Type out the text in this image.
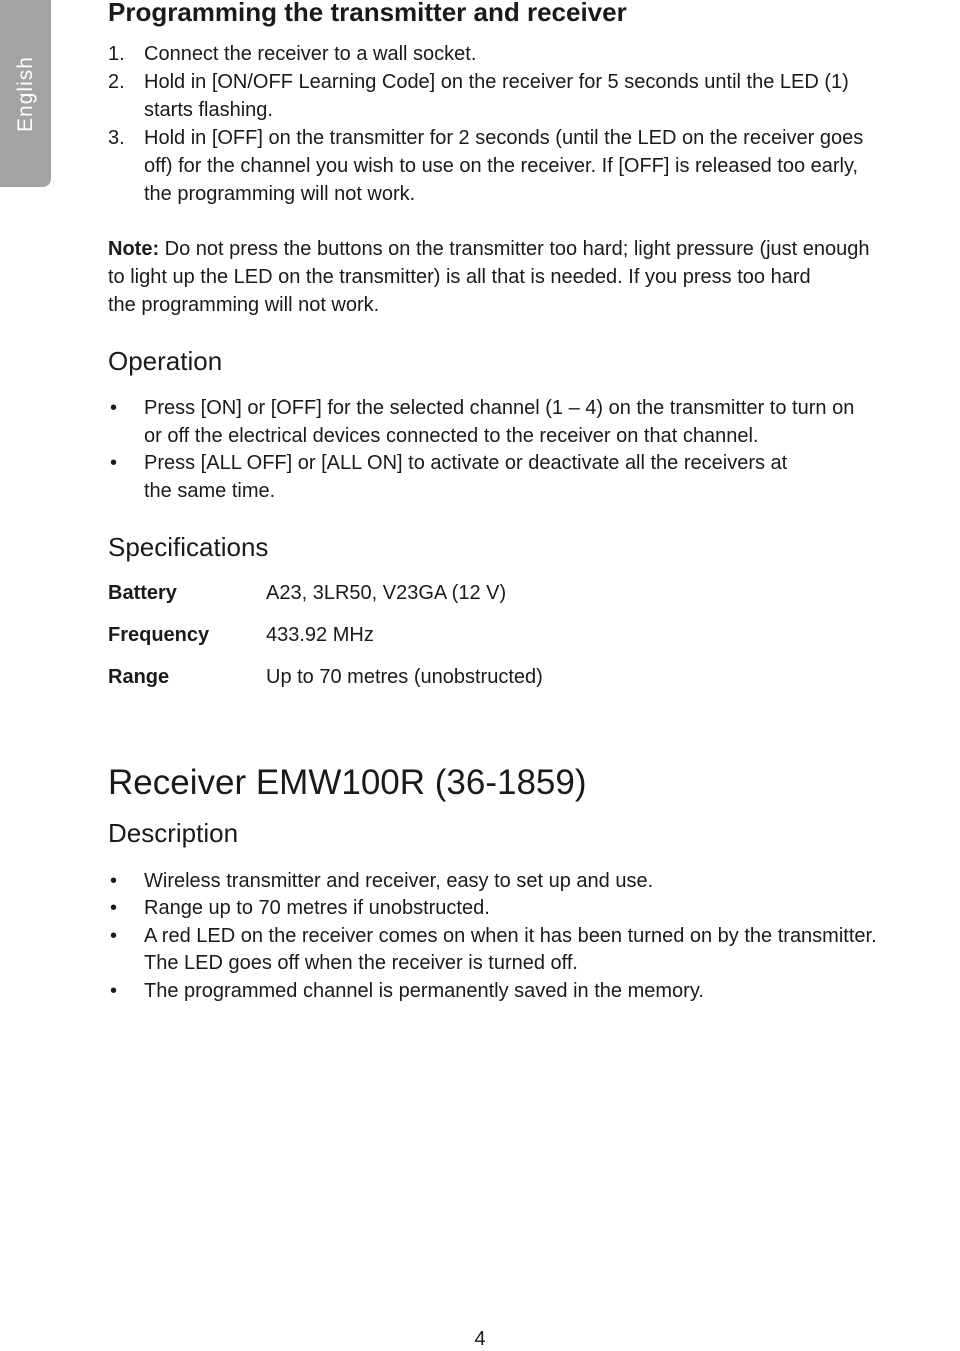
English
Programming the transmitter and receiver
1. Connect the receiver to a wall socket.
2. Hold in [ON/OFF Learning Code] on the receiver for 5 seconds until the LED (1)
starts flashing.
3. Hold in [OFF] on the transmitter for 2 seconds (until the LED on the receiver goes
off) for the channel you wish to use on the receiver. If [OFF] is released too early,
the programming will not work.
Note: Do not press the buttons on the transmitter too hard; light pressure (just enough
to light up the LED on the transmitter) is all that is needed. If you press too hard
the programming will not work.
Operation
• Press [ON] or [OFF] for the selected channel (1 – 4) on the transmitter to turn on
or off the electrical devices connected to the receiver on that channel.
• Press [ALL OFF] or [ALL ON] to activate or deactivate all the receivers at
the same time.
Specifications
Battery	A23, 3LR50, V23GA (12 V)
Frequency	433.92 MHz
Range	Up to 70 metres (unobstructed)
Receiver EMW100R (36-1859)
Description
• Wireless transmitter and receiver, easy to set up and use.
• Range up to 70 metres if unobstructed.
• A red LED on the receiver comes on when it has been turned on by the transmitter.
The LED goes off when the receiver is turned off.
• The programmed channel is permanently saved in the memory.
4
